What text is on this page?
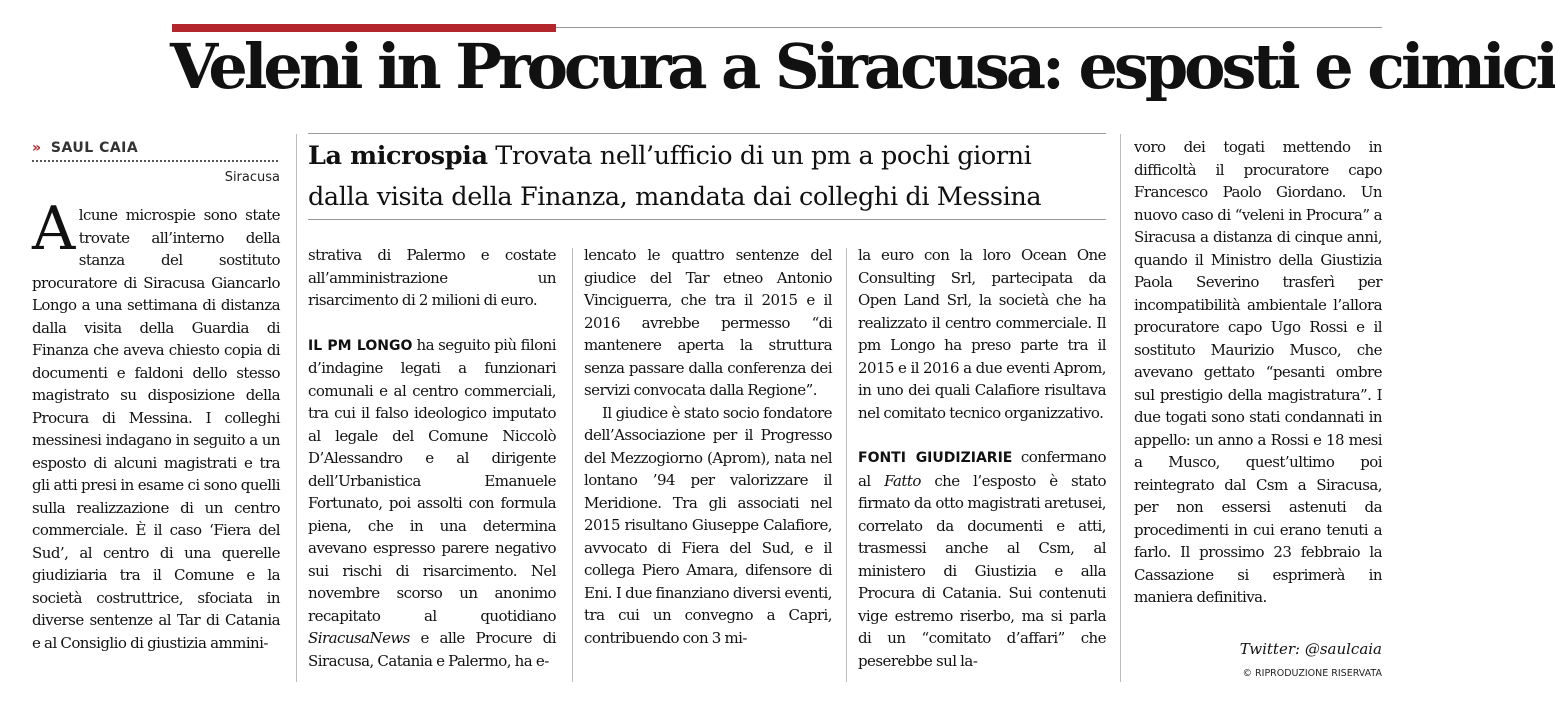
Veleni in Procura a Siracusa: esposti e cimici
» SAUL CAIA
Siracusa
La microspia Trovata nell’ufficio di un pm a pochi giorni
dalla visita della Finanza, mandata dai colleghi di Messina

Alcune microspie sono state trovate all’interno della stanza del sostituto procuratore di Siracusa Giancarlo Longo a una settimana di distanza dalla visita della Guardia di Finanza che aveva chiesto copia di documenti e faldoni dello stesso magistrato su disposizione della Procura di Messina. I colleghi messinesi indagano in seguito a un esposto di alcuni magistrati e tra gli atti presi in esame ci sono quelli sulla realizzazione di un centro commerciale. È il caso ‘Fiera del Sud’, al centro di una querelle giudiziaria tra il Comune e la società costruttrice, sfociata in diverse sentenze al Tar di Catania e al Consiglio di giustizia ammini-

strativa di Palermo e costate all’amministrazione un risarcimento di 2 milioni di euro.

IL PM LONGO ha seguito più filoni d’indagine legati a funzionari comunali e al centro commerciali, tra cui il falso ideologico imputato al legale del Comune Niccolò D’Alessandro e al dirigente dell’Urbanistica Emanuele Fortunato, poi assolti con formula piena, che in una determina avevano espresso parere negativo sui rischi di risarcimento. Nel novembre scorso un anonimo recapitato al quotidiano SiracusaNews e alle Procure di Siracusa, Catania e Palermo, ha e-

lencato le quattro sentenze del giudice del Tar etneo Antonio Vinciguerra, che tra il 2015 e il 2016 avrebbe permesso “di mantenere aperta la struttura senza passare dalla conferenza dei servizi convocata dalla Regione”.

Il giudice è stato socio fondatore dell’Associazione per il Progresso del Mezzogiorno (Aprom), nata nel lontano ’94 per valorizzare il Meridione. Tra gli associati nel 2015 risultano Giuseppe Calafiore, avvocato di Fiera del Sud, e il collega Piero Amara, difensore di Eni. I due finanziano diversi eventi, tra cui un convegno a Capri, contribuendo con 3 mi-

la euro con la loro Ocean One Consulting Srl, partecipata da Open Land Srl, la società che ha realizzato il centro commerciale. Il pm Longo ha preso parte tra il 2015 e il 2016 a due eventi Aprom, in uno dei quali Calafiore risultava nel comitato tecnico organizzativo.

FONTI GIUDIZIARIE confermano al Fatto che l’esposto è stato firmato da otto magistrati aretusei, correlato da documenti e atti, trasmessi anche al Csm, al ministero di Giustizia e alla Procura di Catania. Sui contenuti vige estremo riserbo, ma si parla di un “comitato d’affari” che peserebbe sul la-

voro dei togati mettendo in difficoltà il procuratore capo Francesco Paolo Giordano. Un nuovo caso di “veleni in Procura” a Siracusa a distanza di cinque anni, quando il Ministro della Giustizia Paola Severino trasferì per incompatibilità ambientale l’allora procuratore capo Ugo Rossi e il sostituto Maurizio Musco, che avevano gettato “pesanti ombre sul prestigio della magistratura”. I due togati sono stati condannati in appello: un anno a Rossi e 18 mesi a Musco, quest’ultimo poi reintegrato dal Csm a Siracusa, per non essersi astenuti da procedimenti in cui erano tenuti a farlo. Il prossimo 23 febbraio la Cassazione si esprimerà in maniera definitiva.

Twitter: @saulcaia
© RIPRODUZIONE RISERVATA
